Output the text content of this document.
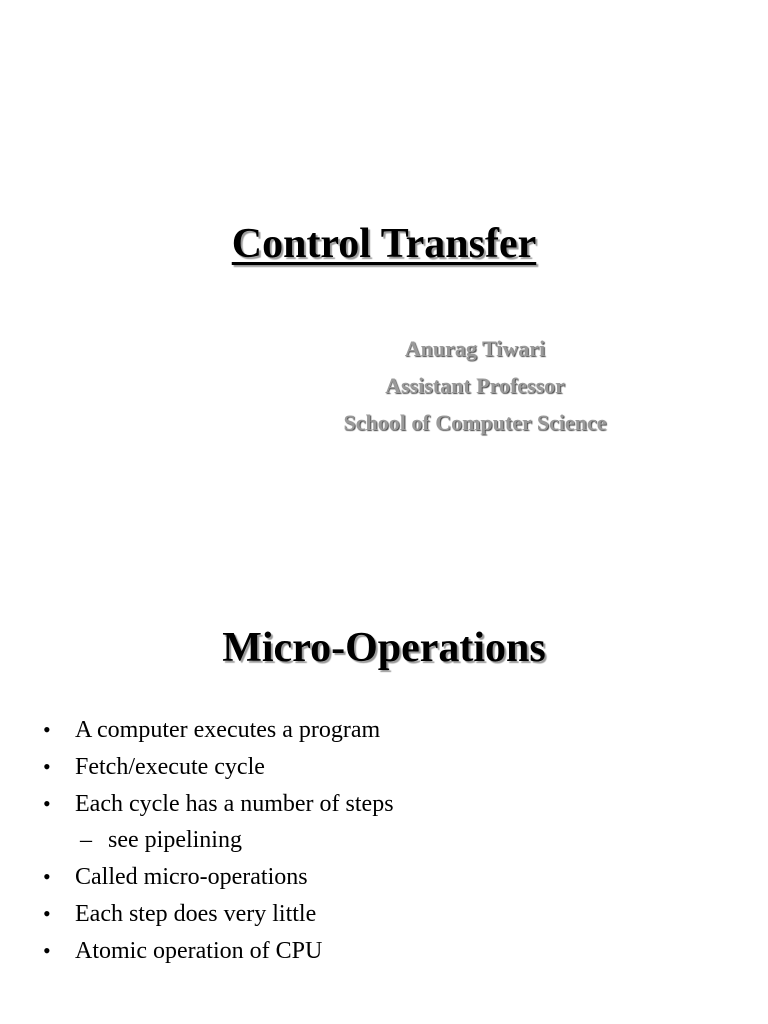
Control Transfer
Anurag Tiwari
Assistant Professor
School of Computer Science
Micro-Operations
• A computer executes a program
• Fetch/execute cycle
• Each cycle has a number of steps
– see pipelining
• Called micro-operations
• Each step does very little
• Atomic operation of CPU
